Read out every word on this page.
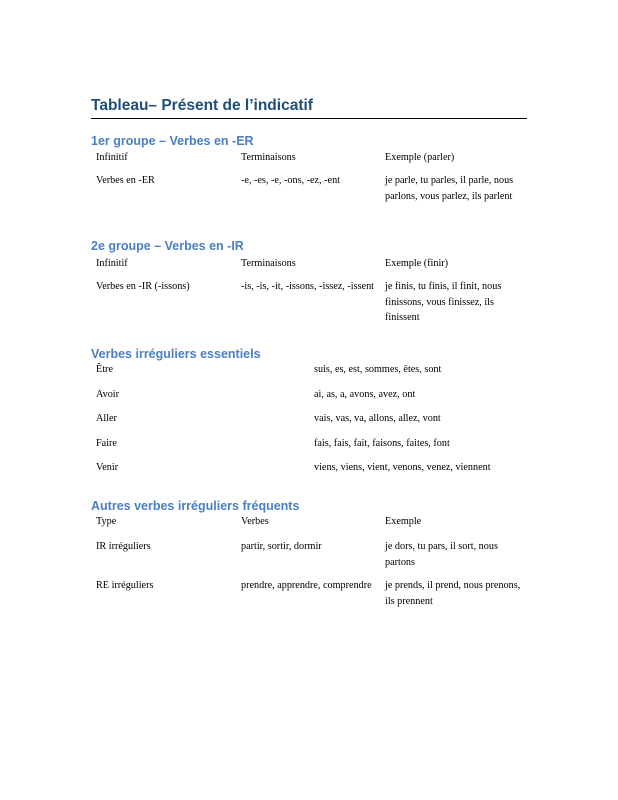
Tableau– Présent de l’indicatif
1er groupe – Verbes en -ER

Infinitif	Terminaisons	Exemple (parler)

Verbes en -ER	-e, -es, -e, -ons, -ez, -ent	je parle, tu parles, il parle, nous parlons, vous parlez, ils parlent

2e groupe – Verbes en -IR

Infinitif	Terminaisons	Exemple (finir)

Verbes en -IR (-issons)	-is, -is, -it, -issons, -issez, -issent	je finis, tu finis, il finit, nous finissons, vous finissez, ils finissent

Verbes irréguliers essentiels

Être	suis, es, est, sommes, êtes, sont

Avoir	ai, as, a, avons, avez, ont

Aller	vais, vas, va, allons, allez, vont

Faire	fais, fais, fait, faisons, faites, font

Venir	viens, viens, vient, venons, venez, viennent

Autres verbes irréguliers fréquents

Type	Verbes	Exemple

IR irréguliers	partir, sortir, dormir	je dors, tu pars, il sort, nous partons

RE irréguliers	prendre, apprendre, comprendre	je prends, il prend, nous prenons, ils prennent
